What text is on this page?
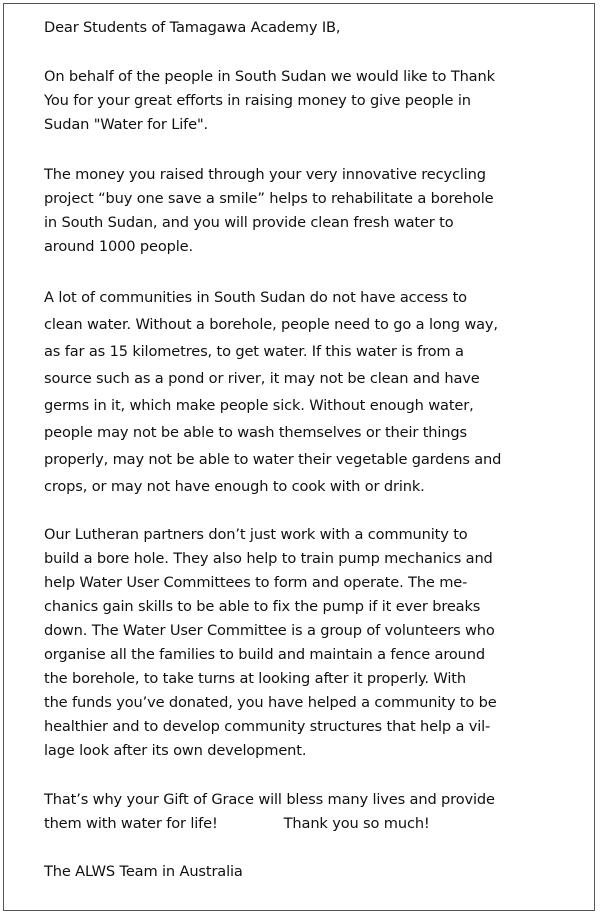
Dear Students of Tamagawa Academy IB,

On behalf of the people in South Sudan we would like to Thank

You for your great efforts in raising money to give people in

Sudan "Water for Life".

The money you raised through your very innovative recycling

project “buy one save a smile” helps to rehabilitate a borehole

in South Sudan, and you will provide clean fresh water to

around 1000 people.

A lot of communities in South Sudan do not have access to

clean water. Without a borehole, people need to go a long way,

as far as 15 kilometres, to get water. If this water is from a

source such as a pond or river, it may not be clean and have

germs in it, which make people sick. Without enough water,

people may not be able to wash themselves or their things

properly, may not be able to water their vegetable gardens and

crops, or may not have enough to cook with or drink.

Our Lutheran partners don’t just work with a community to

build a bore hole. They also help to train pump mechanics and

help Water User Committees to form and operate. The me-

chanics gain skills to be able to fix the pump if it ever breaks

down. The Water User Committee is a group of volunteers who

organise all the families to build and maintain a fence around

the borehole, to take turns at looking after it properly. With

the funds you’ve donated, you have helped a community to be

healthier and to develop community structures that help a vil-

lage look after its own development.

That’s why your Gift of Grace will bless many lives and provide

them with water for life!	Thank you so much!

The ALWS Team in Australia
